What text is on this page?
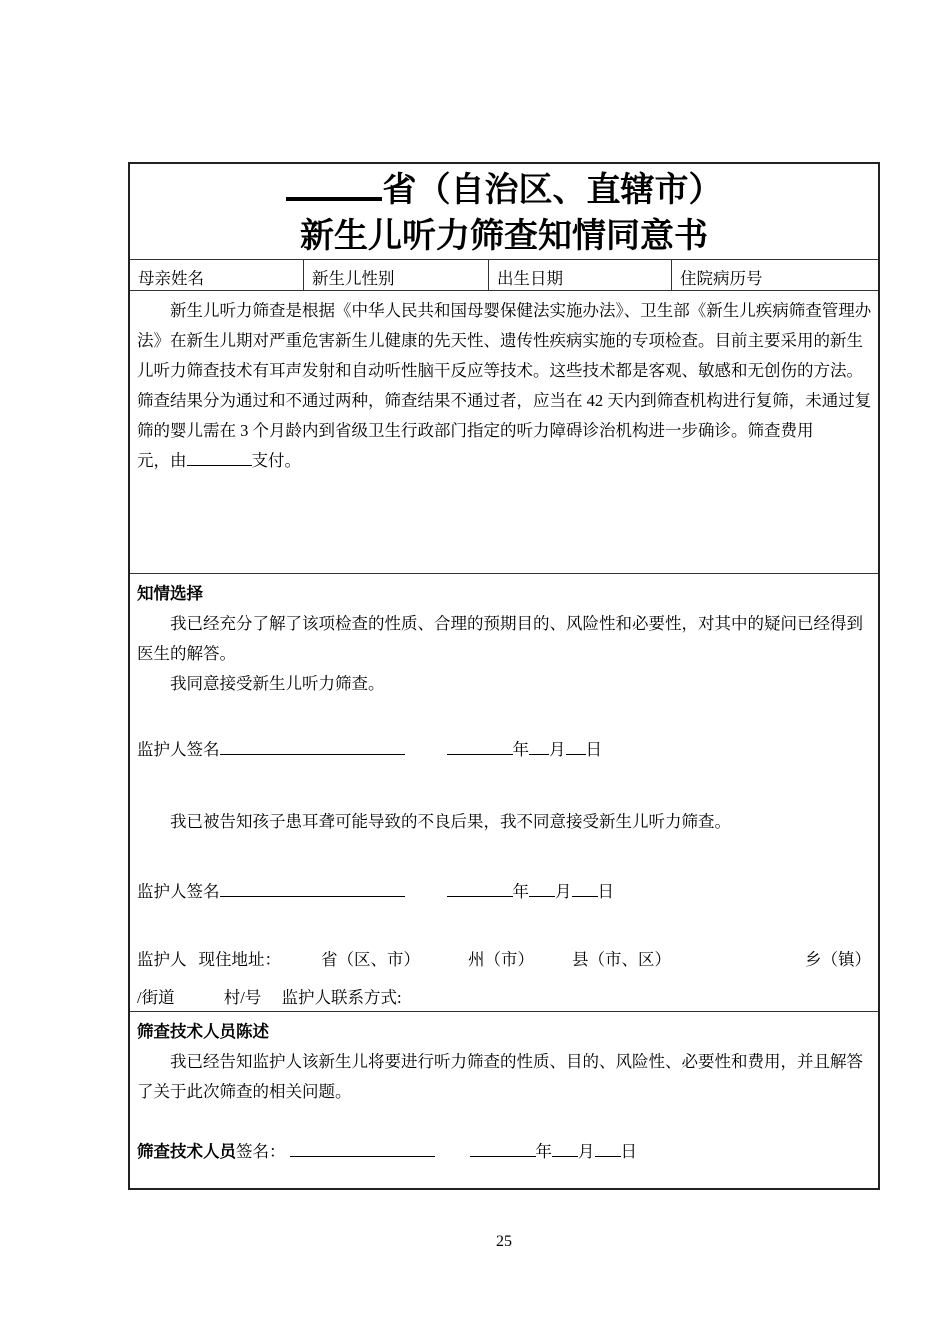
省（自治区、直辖市）
新生儿听力筛查知情同意书
母亲姓名	新生儿性别	出生日期	住院病历号
新生儿听力筛查是根据《中华人民共和国母婴保健法实施办法》、卫生部《新生儿疾病筛查管理办
法》在新生儿期对严重危害新生儿健康的先天性、遗传性疾病实施的专项检查。目前主要采用的新生
儿听力筛查技术有耳声发射和自动听性脑干反应等技术。这些技术都是客观、敏感和无创伤的方法。
筛查结果分为通过和不通过两种，筛查结果不通过者，应当在 42 天内到筛查机构进行复筛，未通过复
筛的婴儿需在 3 个月龄内到省级卫生行政部门指定的听力障碍诊治机构进一步确诊。筛查费用
元，由	支付。
知情选择
我已经充分了解了该项检查的性质、合理的预期目的、风险性和必要性，对其中的疑问已经得到
医生的解答。
我同意接受新生儿听力筛查。
监护人签名	年 月 日
我已被告知孩子患耳聋可能导致的不良后果，我不同意接受新生儿听力筛查。
监护人签名	年 月 日
监护人 现住地址： 省（区、市）	州（市） 县（市、区）	乡（镇）
/街道	村/号 监护人联系方式:
筛查技术人员陈述
我已经告知监护人该新生儿将要进行听力筛查的性质、目的、风险性、必要性和费用，并且解答
了关于此次筛查的相关问题。
筛查技术人员签名：	年 月 日
25
